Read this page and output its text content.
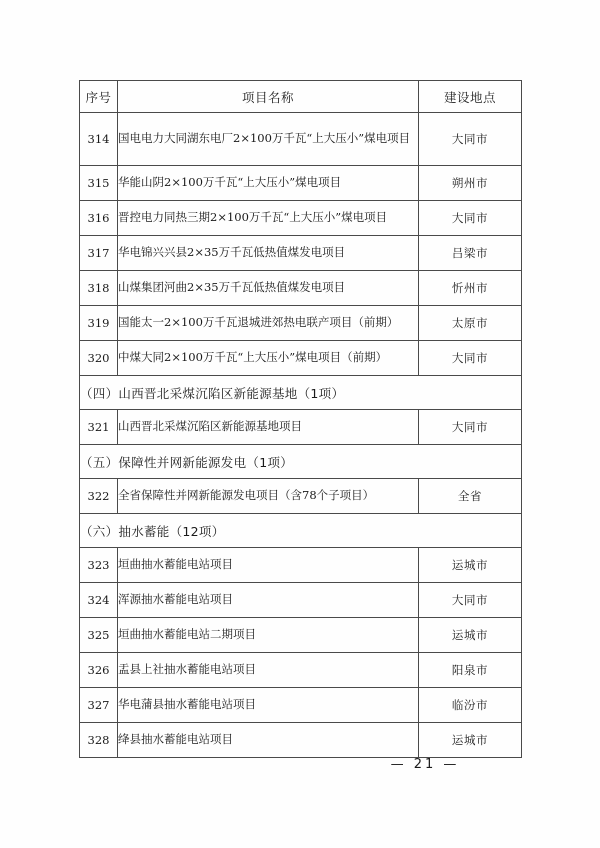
序号	项目名称	建设地点
314	国电电力大同湖东电厂2×100万千瓦“上大压小”煤电项目	大同市
315	华能山阴2×100万千瓦“上大压小”煤电项目	朔州市
316	晋控电力同热三期2×100万千瓦“上大压小”煤电项目	大同市
317	华电锦兴兴县2×35万千瓦低热值煤发电项目	吕梁市
318	山煤集团河曲2×35万千瓦低热值煤发电项目	忻州市
319	国能太一2×100万千瓦退城进郊热电联产项目（前期）	太原市
320	中煤大同2×100万千瓦“上大压小”煤电项目（前期）	大同市
（四）山西晋北采煤沉陷区新能源基地（1项）		
321	山西晋北采煤沉陷区新能源基地项目	大同市
（五）保障性并网新能源发电（1项）		
322	全省保障性并网新能源发电项目（含78个子项目）	全省
（六）抽水蓄能（12项）		
323	垣曲抽水蓄能电站项目	运城市
324	浑源抽水蓄能电站项目	大同市
325	垣曲抽水蓄能电站二期项目	运城市
326	盂县上社抽水蓄能电站项目	阳泉市
327	华电蒲县抽水蓄能电站项目	临汾市
328	绛县抽水蓄能电站项目	运城市
— 21 —
